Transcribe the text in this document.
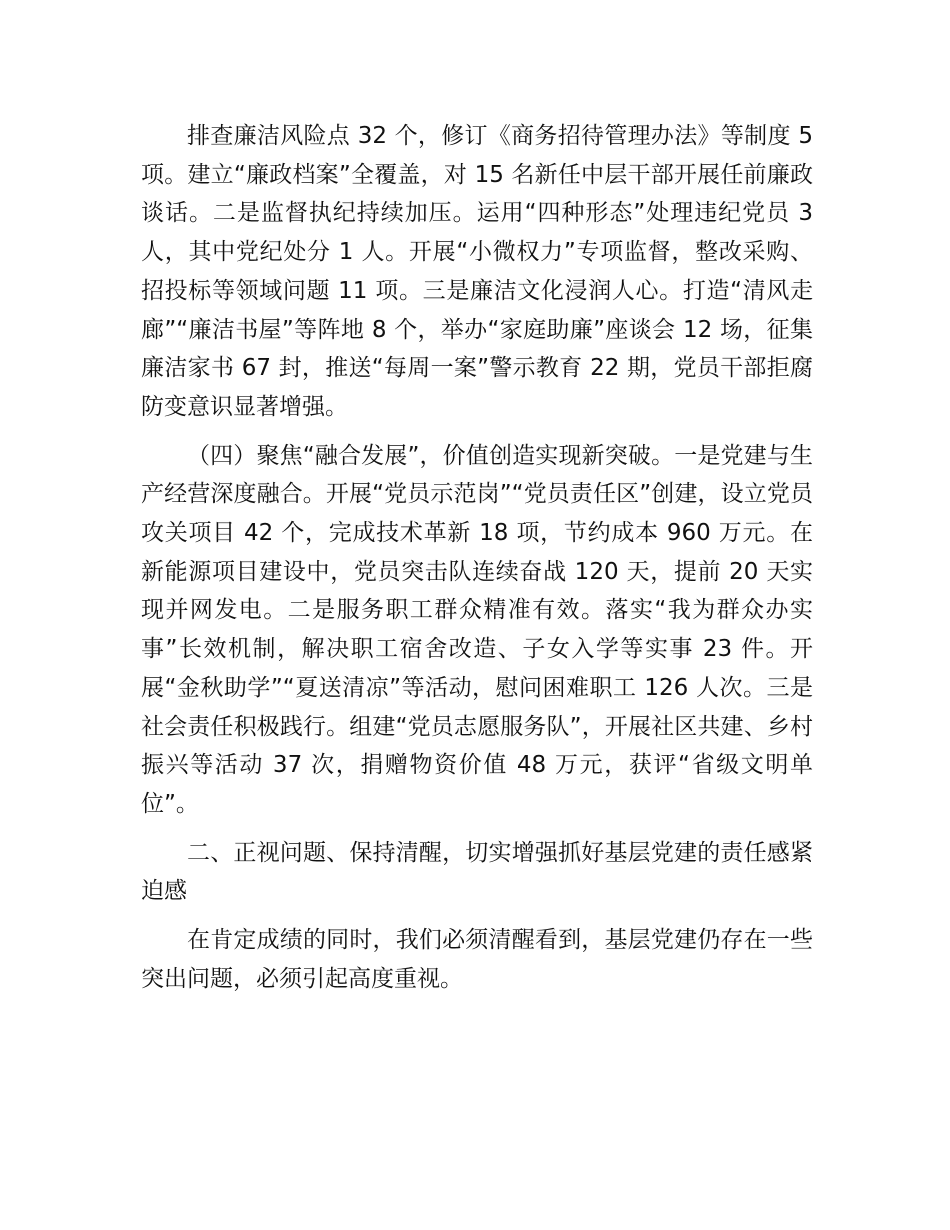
排查廉洁风险点 32 个，修订《商务招待管理办法》等制度 5 项。建立“廉政档案”全覆盖，对 15 名新任中层干部开展任前廉政谈话。二是监督执纪持续加压。运用“四种形态”处理违纪党员 3 人，其中党纪处分 1 人。开展“小微权力”专项监督，整改采购、招投标等领域问题 11 项。三是廉洁文化浸润人心。打造“清风走廊”“廉洁书屋”等阵地 8 个，举办“家庭助廉”座谈会 12 场，征集廉洁家书 67 封，推送“每周一案”警示教育 22 期，党员干部拒腐防变意识显著增强。

（四）聚焦“融合发展”，价值创造实现新突破。一是党建与生产经营深度融合。开展“党员示范岗”“党员责任区”创建，设立党员攻关项目 42 个，完成技术革新 18 项，节约成本 960 万元。在新能源项目建设中，党员突击队连续奋战 120 天，提前 20 天实现并网发电。二是服务职工群众精准有效。落实“我为群众办实事”长效机制，解决职工宿舍改造、子女入学等实事 23 件。开展“金秋助学”“夏送清凉”等活动，慰问困难职工 126 人次。三是社会责任积极践行。组建“党员志愿服务队”，开展社区共建、乡村振兴等活动 37 次，捐赠物资价值 48 万元，获评“省级文明单位”。

二、正视问题、保持清醒，切实增强抓好基层党建的责任感紧迫感

在肯定成绩的同时，我们必须清醒看到，基层党建仍存在一些突出问题，必须引起高度重视。
